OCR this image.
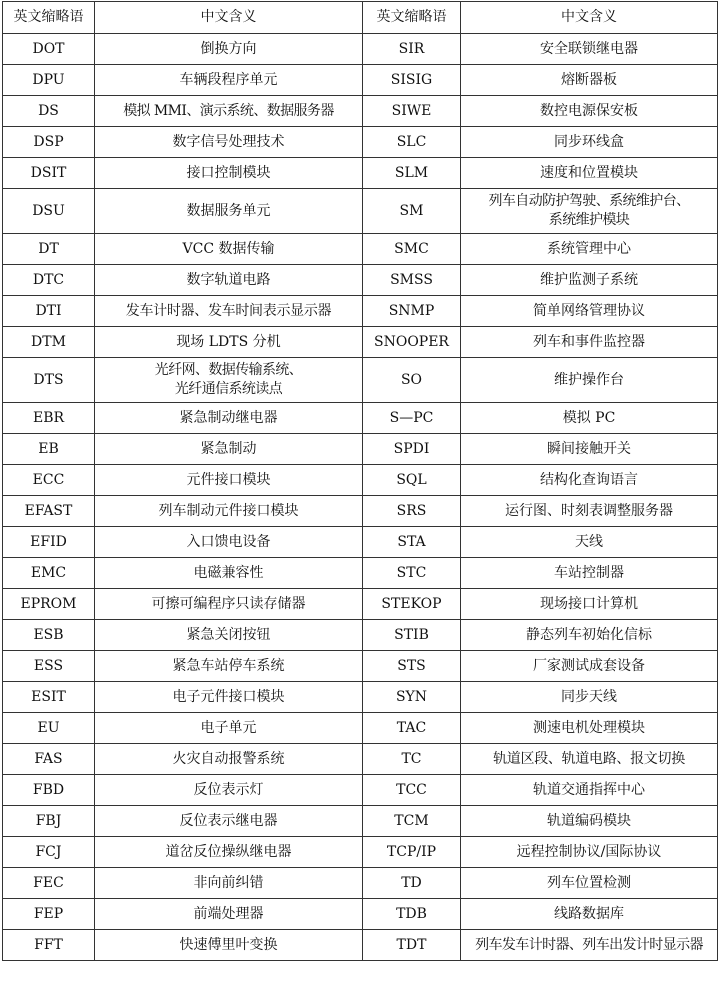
英文缩略语	中文含义	英文缩略语	中文含义
DOT	倒换方向	SIR	安全联锁继电器
DPU	车辆段程序单元	SISIG	熔断器板
DS	模拟 MMI、演示系统、数据服务器	SIWE	数控电源保安板
DSP	数字信号处理技术	SLC	同步环线盒
DSIT	接口控制模块	SLM	速度和位置模块
DSU	数据服务单元	SM	列车自动防护驾驶、系统维护台、
系统维护模块
DT	VCC 数据传输	SMC	系统管理中心
DTC	数字轨道电路	SMSS	维护监测子系统
DTI	发车计时器、发车时间表示显示器	SNMP	简单网络管理协议
DTM	现场 LDTS 分机	SNOOPER	列车和事件监控器
DTS	光纤网、数据传输系统、
光纤通信系统读点	SO	维护操作台
EBR	紧急制动继电器	S—PC	模拟 PC
EB	紧急制动	SPDI	瞬间接触开关
ECC	元件接口模块	SQL	结构化查询语言
EFAST	列车制动元件接口模块	SRS	运行图、时刻表调整服务器
EFID	入口馈电设备	STA	天线
EMC	电磁兼容性	STC	车站控制器
EPROM	可擦可编程序只读存储器	STEKOP	现场接口计算机
ESB	紧急关闭按钮	STIB	静态列车初始化信标
ESS	紧急车站停车系统	STS	厂家测试成套设备
ESIT	电子元件接口模块	SYN	同步天线
EU	电子单元	TAC	测速电机处理模块
FAS	火灾自动报警系统	TC	轨道区段、轨道电路、报文切换
FBD	反位表示灯	TCC	轨道交通指挥中心
FBJ	反位表示继电器	TCM	轨道编码模块
FCJ	道岔反位操纵继电器	TCP/IP	远程控制协议/国际协议
FEC	非向前纠错	TD	列车位置检测
FEP	前端处理器	TDB	线路数据库
FFT	快速傅里叶变换	TDT	列车发车计时器、列车出发计时显示器
